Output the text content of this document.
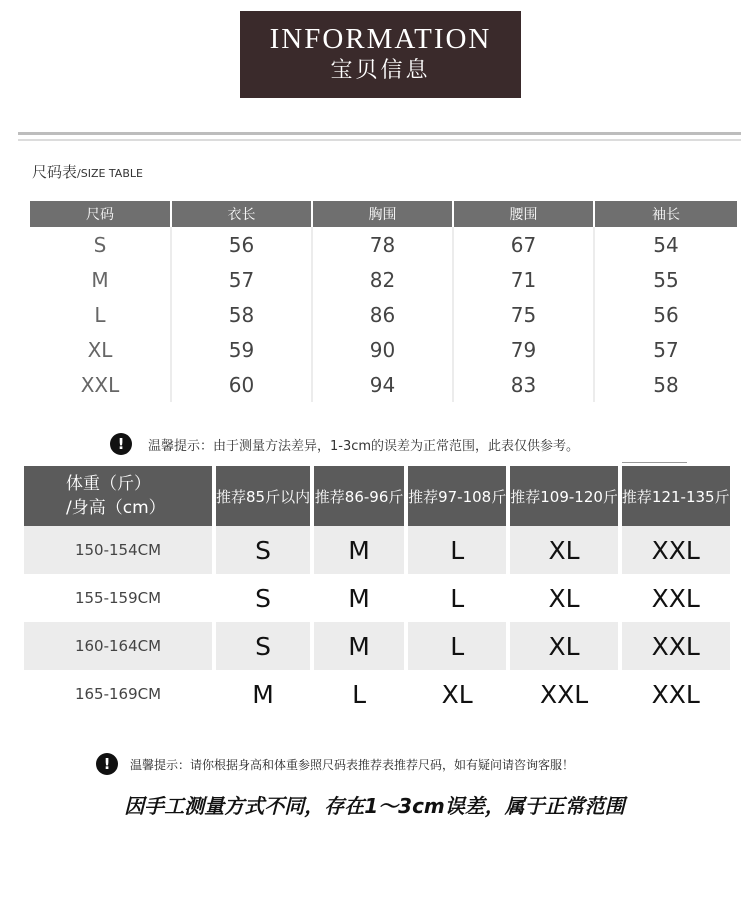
INFORMATION
宝贝信息
尺码表/SIZE TABLE
尺码	衣长	胸围	腰围	袖长
S	56	78	67	54
M	57	82	71	55
L	58	86	75	56
XL	59	90	79	57
XXL	60	94	83	58
!	温馨提示：由于测量方法差异，1-3cm的误差为正常范围，此表仅供参考。
体重（斤）
/身高（cm）	推荐85斤以内	推荐86-96斤	推荐97-108斤	推荐109-120斤	推荐121-135斤
150-154CM	S	M	L	XL	XXL
155-159CM	S	M	L	XL	XXL
160-164CM	S	M	L	XL	XXL
165-169CM	M	L	XL	XXL	XXL
!	温馨提示：请你根据身高和体重参照尺码表推荐表推荐尺码，如有疑问请咨询客服！
因手工测量方式不同，存在1～3cm误差，属于正常范围
